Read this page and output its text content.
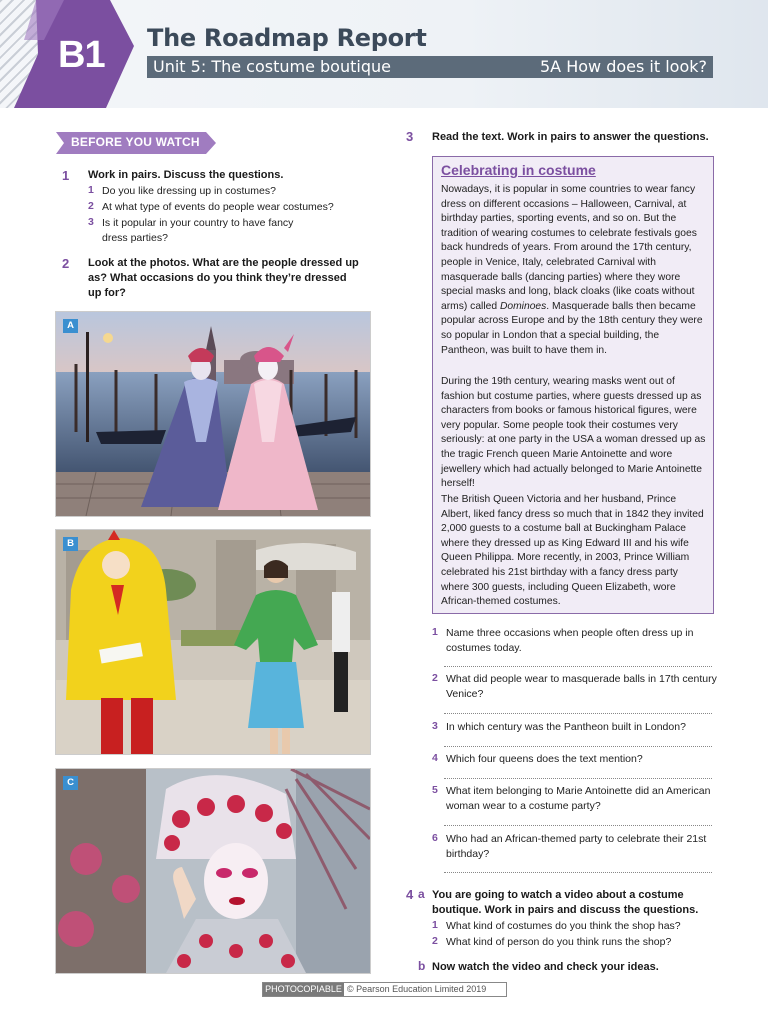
B1	The Roadmap Report
Unit 5: The costume boutique	5A How does it look?
BEFORE YOU WATCH
1 Work in pairs. Discuss the questions.
1 Do you like dressing up in costumes?
2 At what type of events do people wear costumes?
3 Is it popular in your country to have fancy dress parties?
2 Look at the photos. What are the people dressed up as? What occasions do you think they’re dressed up for?
A
B
C
3 Read the text. Work in pairs to answer the questions.
Celebrating in costume
Nowadays, it is popular in some countries to wear fancy dress on different occasions – Halloween, Carnival, at birthday parties, sporting events, and so on. But the tradition of wearing costumes to celebrate festivals goes back hundreds of years. From around the 17th century, people in Venice, Italy, celebrated Carnival with masquerade balls (dancing parties) where they wore special masks and long, black cloaks (like coats without arms) called Dominoes. Masquerade balls then became popular across Europe and by the 18th century they were so popular in London that a special building, the Pantheon, was built to have them in.
During the 19th century, wearing masks went out of fashion but costume parties, where guests dressed up as characters from books or famous historical figures, were very popular. Some people took their costumes very seriously: at one party in the USA a woman dressed up as the tragic French queen Marie Antoinette and wore jewellery which had actually belonged to Marie Antoinette herself!
The British Queen Victoria and her husband, Prince Albert, liked fancy dress so much that in 1842 they invited 2,000 guests to a costume ball at Buckingham Palace where they dressed up as King Edward III and his wife Queen Philippa. More recently, in 2003, Prince William celebrated his 21st birthday with a fancy dress party where 300 guests, including Queen Elizabeth, wore African-themed costumes.
1 Name three occasions when people often dress up in costumes today.
2 What did people wear to masquerade balls in 17th century Venice?
3 In which century was the Pantheon built in London?
4 Which four queens does the text mention?
5 What item belonging to Marie Antoinette did an American woman wear to a costume party?
6 Who had an African-themed party to celebrate their 21st birthday?
4 a You are going to watch a video about a costume boutique. Work in pairs and discuss the questions.
1 What kind of costumes do you think the shop has?
2 What kind of person do you think runs the shop?
b Now watch the video and check your ideas.
PHOTOCOPIABLE © Pearson Education Limited 2019
